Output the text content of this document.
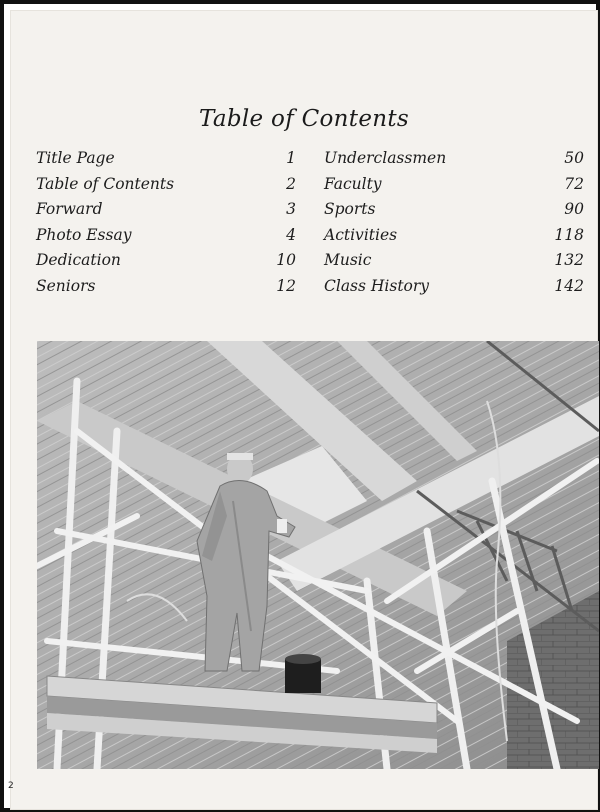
Table of Contents
Title Page	1
Table of Contents	2
Forward	3
Photo Essay	4
Dedication	10
Seniors	12
Underclassmen	50
Faculty	72
Sports	90
Activities	118
Music	132
Class History	142
2
